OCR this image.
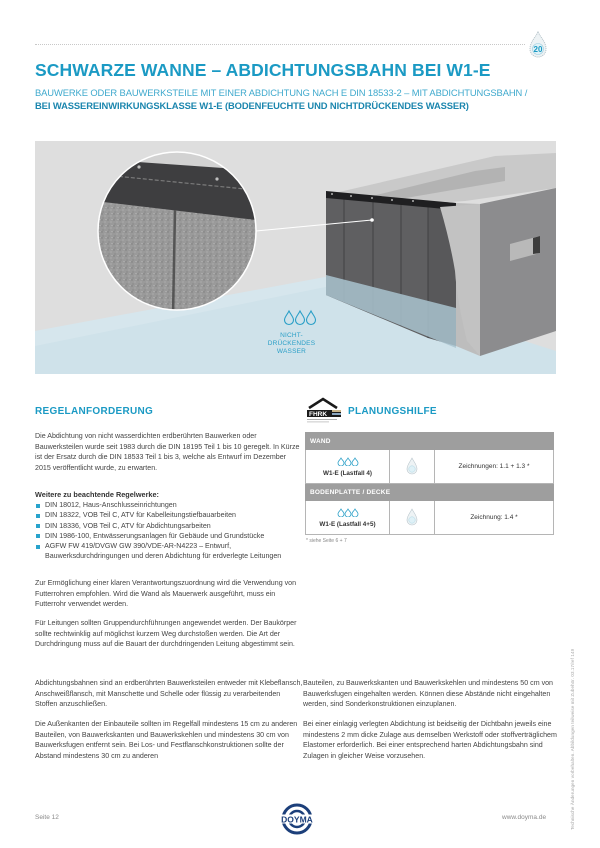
20
SCHWARZE WANNE – ABDICHTUNGSBAHN BEI W1-E
BAUWERKE ODER BAUWERKSTEILE MIT EINER ABDICHTUNG NACH E DIN 18533-2 – MIT ABDICHTUNGSBAHN /
BEI WASSEREINWIRKUNGSKLASSE W1-E (BODENFEUCHTE UND NICHTDRÜCKENDES WASSER)
NICHT-
DRÜCKENDES
WASSER
REGELANFORDERUNG

Die Abdichtung von nicht wasserdichten erdberührten Bauwerken oder Bauwerksteilen wurde seit 1983 durch die DIN 18195 Teil 1 bis 10 geregelt. In Kürze ist der Ersatz durch die DIN 18533 Teil 1 bis 3, welche als Entwurf im Dezember 2015 veröffentlicht wurde, zu erwarten.

Weitere zu beachtende Regelwerke:
DIN 18012, Haus-Anschlusseinrichtungen
DIN 18322, VOB Teil C, ATV für Kabelleitungstiefbauarbeiten
DIN 18336, VOB Teil C, ATV für Abdichtungsarbeiten
DIN 1986-100, Entwässerungsanlagen für Gebäude und Grundstücke
AGFW FW 419/DVGW GW 390/VDE-AR-N4223 – Entwurf, Bauwerksdurchdringungen und deren Abdichtung für erdverlegte Leitungen

Zur Ermöglichung einer klaren Verantwortungszuordnung wird die Verwendung von Futterrohren empfohlen. Wird die Wand als Mauerwerk ausgeführt, muss ein Futterrohr verwendet werden.

Für Leitungen sollten Gruppendurchführungen angewendet werden. Der Baukörper sollte rechtwinklig auf möglichst kurzem Weg durchstoßen werden. Die Art der Durchdringung muss auf die Bauart der durchdringenden Leitung abgestimmt sein.

Abdichtungsbahnen sind an erdberührten Bauwerksteilen entweder mit Klebeflansch, Anschweißflansch, mit Manschette und Schelle oder flüssig zu verarbeitenden Stoffen anzuschließen.

Die Außenkanten der Einbauteile sollten im Regelfall mindestens 15 cm zu anderen Bauteilen, von Bauwerkskanten und Bauwerkskehlen und mindestens 30 cm von Bauwerksfugen entfernt sein. Bei Los- und Festflanschkonstruktionen sollte der Abstand mindestens 30 cm zu anderen

FHRK PLANUNGSHILFE
WAND		

W1-E (Lastfall 4)		Zeichnungen: 1.1 + 1.3 *
BODENPLATTE / DECKE		

W1-E (Lastfall 4+5)		Zeichnung: 1.4 *
* siehe Seite 6 + 7

Bauteilen, zu Bauwerkskanten und Bauwerkskehlen und mindestens 50 cm von Bauwerksfugen eingehalten werden. Können diese Abstände nicht eingehalten werden, sind Sonderkonstruktionen einzuplanen.

Bei einer einlagig verlegten Abdichtung ist beidseitig der Dichtbahn jeweils eine mindestens 2 mm dicke Zulage aus demselben Werkstoff oder stoffverträglichem Elastomer erforderlich. Bei einer entsprechend harten Abdichtungsbahn sind Zulagen in gleicher Weise vorzusehen.	Technische Änderungen vorbehalten. Abbildungen teilweise mit Zubehör. 03.17/ref 149
Seite 12	DOYMA	www.doyma.de
